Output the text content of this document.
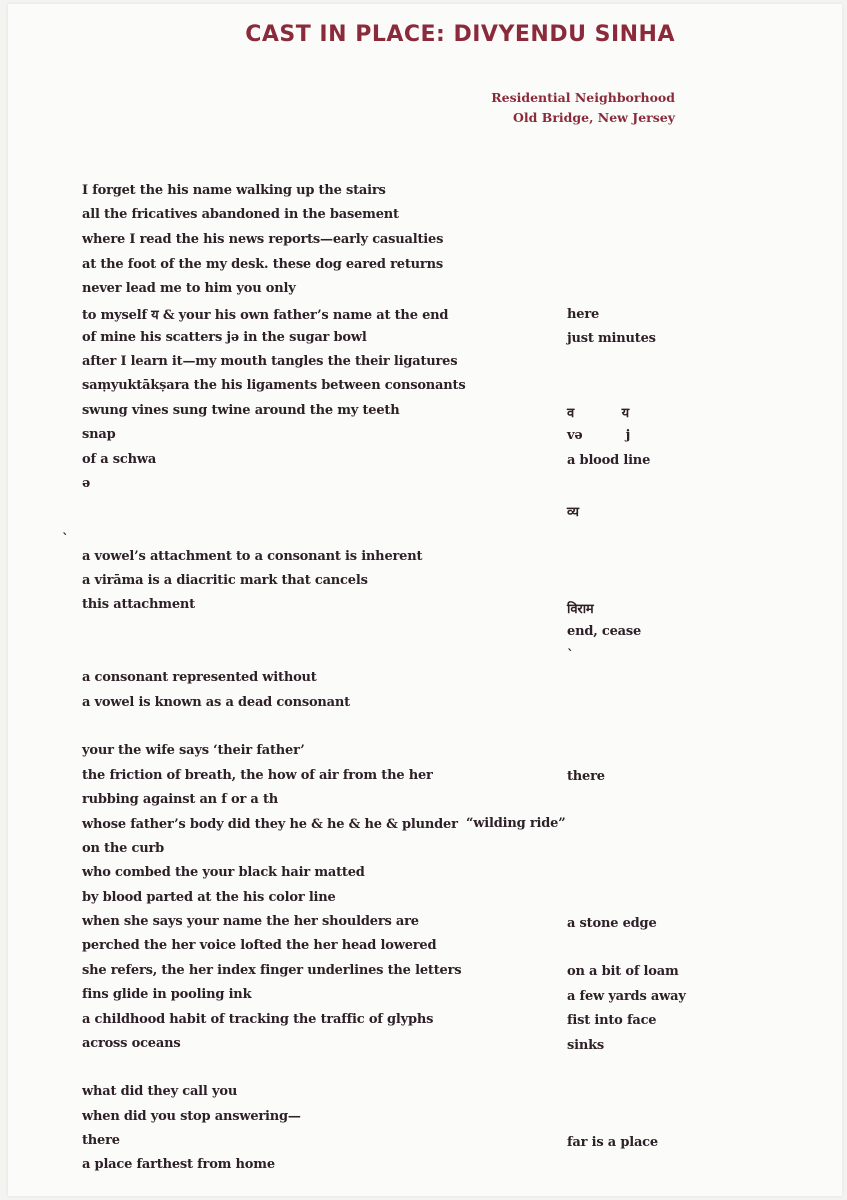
CAST IN PLACE: DIVYENDU SINHA
Residential Neighborhood
Old Bridge, New Jersey
I forget the his name walking up the stairs
all the fricatives abandoned in the basement
where I read the his news reports—early casualties
at the foot of the my desk. these dog eared returns
never lead me to him you only
to myself य & your his own father’s name at the end
of mine his scatters jə in the sugar bowl
after I learn it—my mouth tangles the their ligatures
saṃyuktākṣara the his ligaments between consonants
swung vines sung twine around the my teeth
snap
of a schwa
ə
`
a vowel’s attachment to a consonant is inherent
a virāma is a diacritic mark that cancels
this attachment
a consonant represented without
a vowel is known as a dead consonant
your the wife says ‘their father’
the friction of breath, the how of air from the her
rubbing against an f or a th
whose father’s body did they he & he & he & plunder
on the curb
who combed the your black hair matted
by blood parted at the his color line
when she says your name the her shoulders are
perched the her voice lofted the her head lowered
she refers, the her index finger underlines the letters
fins glide in pooling ink
a childhood habit of tracking the traffic of glyphs
across oceans
what did they call you
when did you stop answering—
there
a place farthest from home
“wilding ride”
here
just minutes
व           य
və          j
a blood line
व्य
विराम
end, cease
`
there
a stone edge
on a bit of loam
a few yards away
fist into face
sinks
far is a place
